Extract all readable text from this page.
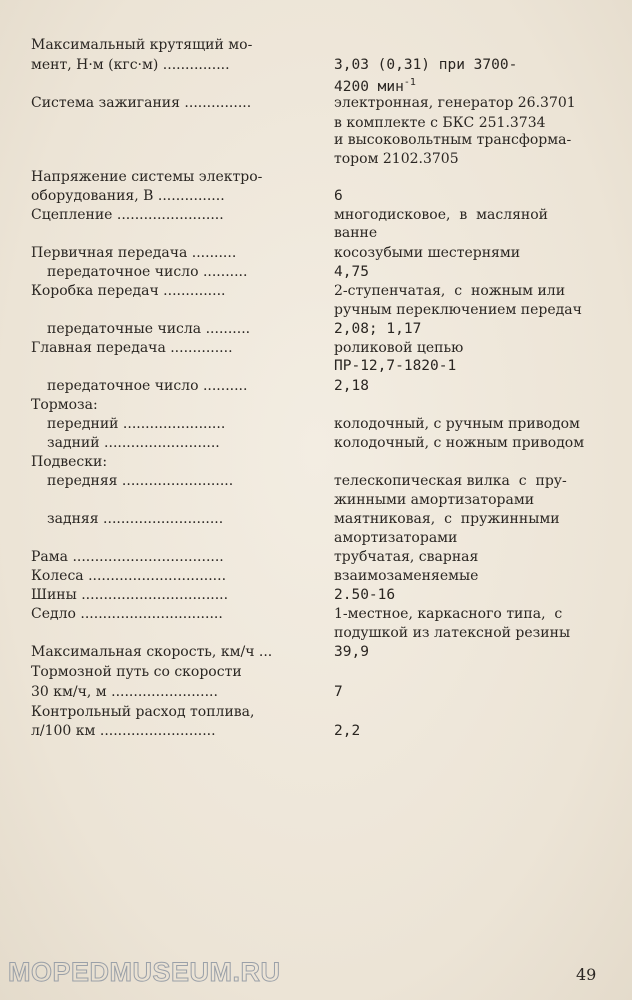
Максимальный крутящий мо-
мент, Н·м (кгс·м) ...............	3,03 (0,31) при 3700-
4200 мин$^{-1}$
Система зажигания ...............	электронная, генератор 26.3701
в комплекте с БКС 251.3734
и высоковольтным трансформа-
тором 2102.3705
Напряжение системы электро-
оборудования, В ...............	6
Сцепление ........................	многодисковое,  в  масляной
ванне
Первичная передача ..........	косозубыми шестернями
передаточное число ..........	4,75
Коробка передач ..............	2-ступенчатая,  с  ножным или
ручным переключением передач
передаточные числа ..........	2,08; 1,17
Главная передача ..............	роликовой цепью
ПР-12,7-1820-1
передаточное число ..........	2,18
Тормоза:
передний .......................	колодочный, с ручным приводом
задний ..........................	колодочный, с ножным приводом
Подвески:
передняя .........................	телескопическая вилка  с  пру-
жинными амортизаторами
задняя ...........................	маятниковая,  с  пружинными
амортизаторами
Рама ..................................	трубчатая, сварная
Колеса ...............................	взаимозаменяемые
Шины .................................	2.50-16
Седло ................................	1-местное, каркасного типа,  с
подушкой из латексной резины
Максимальная скорость, км/ч ...	39,9
Тормозной путь со скорости
30 км/ч, м ........................	7
Контрольный расход топлива,
л/100 км ..........................	2,2
MOPEDMUSEUM.RU	49
